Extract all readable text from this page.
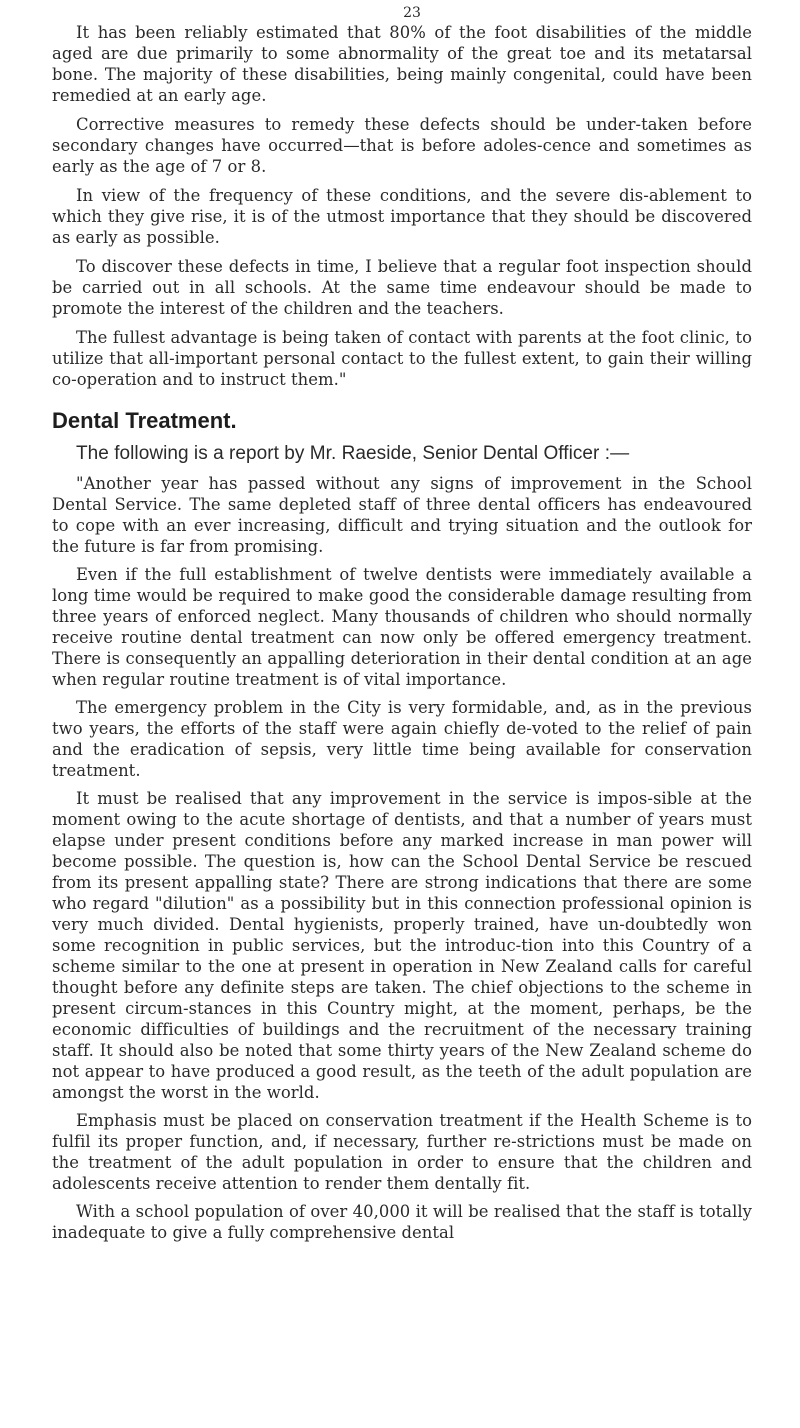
23

It has been reliably estimated that 80% of the foot disabilities of the middle aged are due primarily to some abnormality of the great toe and its metatarsal bone. The majority of these disabilities, being mainly congenital, could have been remedied at an early age.

Corrective measures to remedy these defects should be under-taken before secondary changes have occurred—that is before adoles-cence and sometimes as early as the age of 7 or 8.

In view of the frequency of these conditions, and the severe dis-ablement to which they give rise, it is of the utmost importance that they should be discovered as early as possible.

To discover these defects in time, I believe that a regular foot inspection should be carried out in all schools. At the same time endeavour should be made to promote the interest of the children and the teachers.

The fullest advantage is being taken of contact with parents at the foot clinic, to utilize that all-important personal contact to the fullest extent, to gain their willing co-operation and to instruct them."

Dental Treatment.

The following is a report by Mr. Raeside, Senior Dental Officer :—

"Another year has passed without any signs of improvement in the School Dental Service. The same depleted staff of three dental officers has endeavoured to cope with an ever increasing, difficult and trying situation and the outlook for the future is far from promising.

Even if the full establishment of twelve dentists were immediately available a long time would be required to make good the considerable damage resulting from three years of enforced neglect. Many thousands of children who should normally receive routine dental treatment can now only be offered emergency treatment. There is consequently an appalling deterioration in their dental condition at an age when regular routine treatment is of vital importance.

The emergency problem in the City is very formidable, and, as in the previous two years, the efforts of the staff were again chiefly de-voted to the relief of pain and the eradication of sepsis, very little time being available for conservation treatment.

It must be realised that any improvement in the service is impos-sible at the moment owing to the acute shortage of dentists, and that a number of years must elapse under present conditions before any marked increase in man power will become possible. The question is, how can the School Dental Service be rescued from its present appalling state? There are strong indications that there are some who regard "dilution" as a possibility but in this connection professional opinion is very much divided. Dental hygienists, properly trained, have un-doubtedly won some recognition in public services, but the introduc-tion into this Country of a scheme similar to the one at present in operation in New Zealand calls for careful thought before any definite steps are taken. The chief objections to the scheme in present circum-stances in this Country might, at the moment, perhaps, be the economic difficulties of buildings and the recruitment of the necessary training staff. It should also be noted that some thirty years of the New Zealand scheme do not appear to have produced a good result, as the teeth of the adult population are amongst the worst in the world.

Emphasis must be placed on conservation treatment if the Health Scheme is to fulfil its proper function, and, if necessary, further re-strictions must be made on the treatment of the adult population in order to ensure that the children and adolescents receive attention to render them dentally fit.

With a school population of over 40,000 it will be realised that the staff is totally inadequate to give a fully comprehensive dental
